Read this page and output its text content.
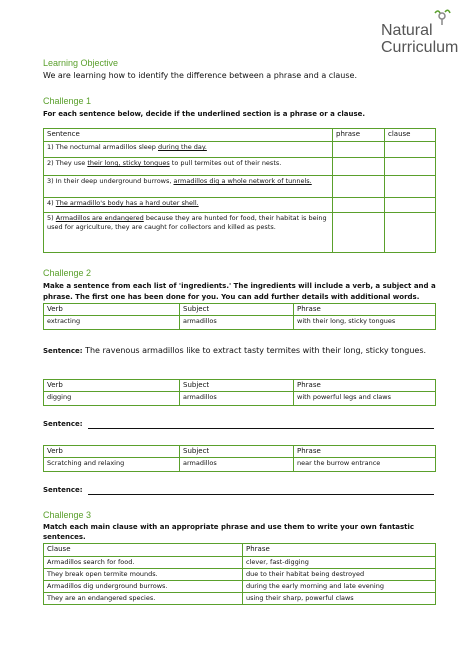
Natural
Curriculum
Learning Objective
We are learning how to identify the difference between a phrase and a clause.
Challenge 1
For each sentence below, decide if the underlined section is a phrase or a clause.
Sentence	phrase	clause
1) The nocturnal armadillos sleep during the day.		
2) They use their long, sticky tongues to pull termites out of their nests.		
3) In their deep underground burrows, armadillos dig a whole network of tunnels.		
4) The armadillo's body has a hard outer shell.		
5) Armadillos are endangered because they are hunted for food, their habitat is being used for agriculture, they are caught for collectors and killed as pests.		
Challenge 2
Make a sentence from each list of 'ingredients.' The ingredients will include a verb, a subject and a phrase. The first one has been done for you. You can add further details with additional words.
Verb	Subject	Phrase
extracting	armadillos	with their long, sticky tongues
Sentence: The ravenous armadillos like to extract tasty termites with their long, sticky tongues.
Verb	Subject	Phrase
digging	armadillos	with powerful legs and claws
Sentence:
Verb	Subject	Phrase
Scratching and relaxing	armadillos	near the burrow entrance
Sentence:
Challenge 3
Match each main clause with an appropriate phrase and use them to write your own fantastic sentences.
Clause	Phrase
Armadillos search for food.	clever, fast-digging
They break open termite mounds.	due to their habitat being destroyed
Armadillos dig underground burrows.	during the early morning and late evening
They are an endangered species.	using their sharp, powerful claws
